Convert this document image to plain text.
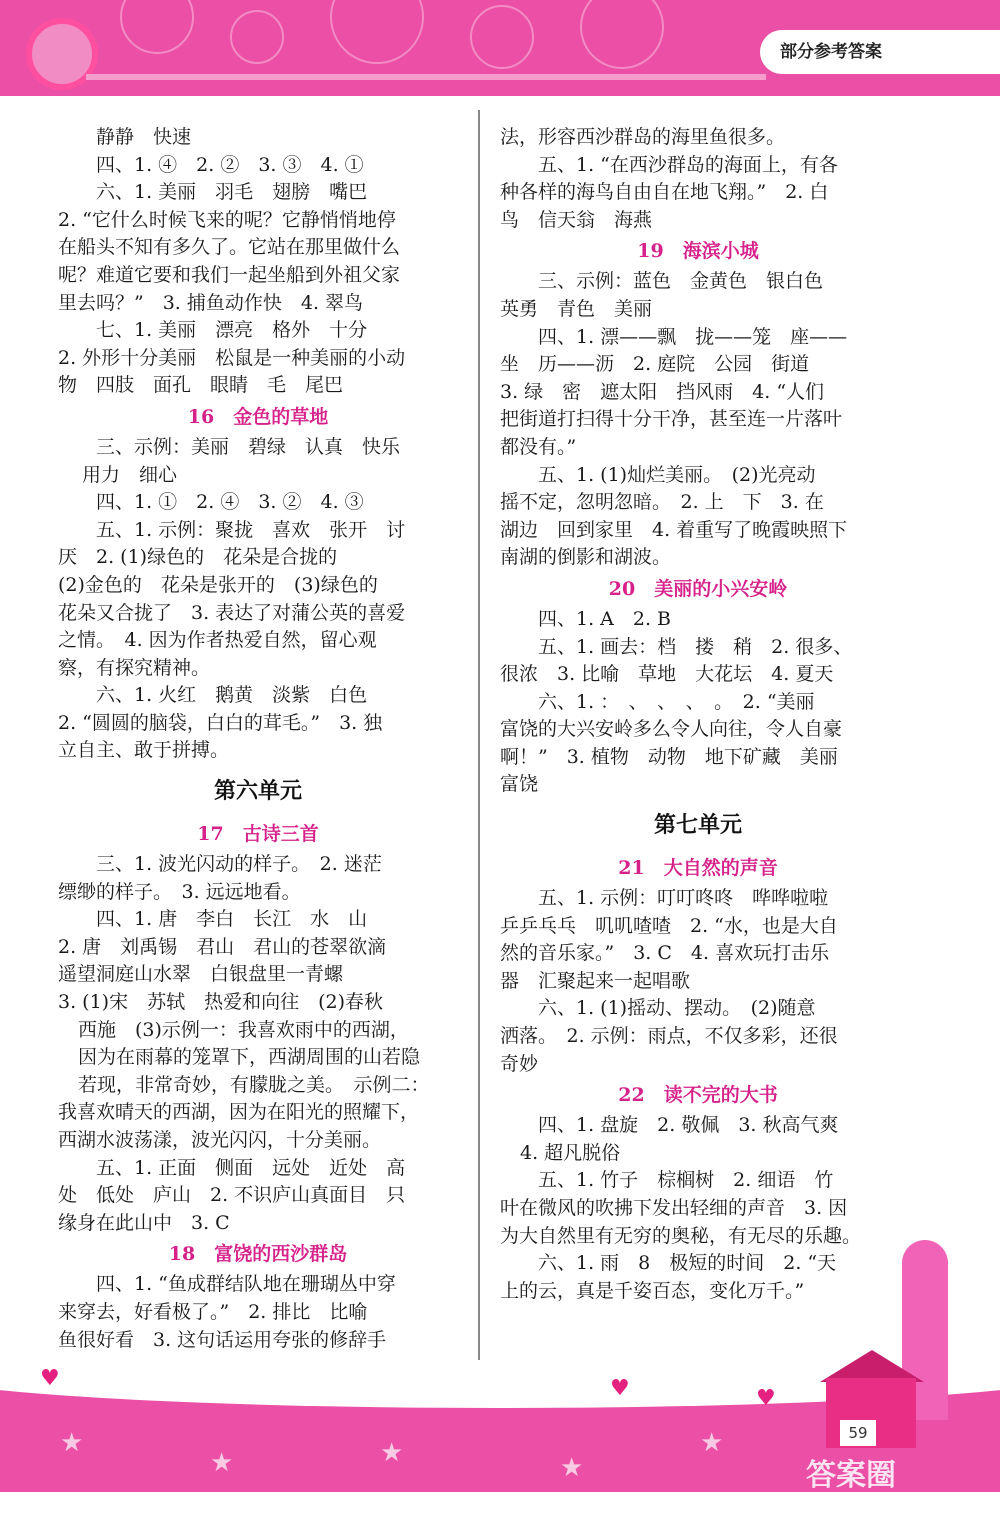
部分参考答案
静静　快速
四、1. ④　2. ②　3. ③　4. ①
六、1. 美丽　羽毛　翅膀　嘴巴
2. “它什么时候飞来的呢？它静悄悄地停
在船头不知有多久了。它站在那里做什么
呢？难道它要和我们一起坐船到外祖父家
里去吗？”　3. 捕鱼动作快　4. 翠鸟
七、1. 美丽　漂亮　格外　十分
2. 外形十分美丽　松鼠是一种美丽的小动
物　四肢　面孔　眼睛　毛　尾巴
16　金色的草地
三、示例：美丽　碧绿　认真　快乐
用力　细心
四、1. ①　2. ④　3. ②　4. ③
五、1. 示例：聚拢　喜欢　张开　讨
厌　2. (1)绿色的　花朵是合拢的
(2)金色的　花朵是张开的　(3)绿色的
花朵又合拢了　3. 表达了对蒲公英的喜爱
之情。　4. 因为作者热爱自然，留心观
察，有探究精神。
六、1. 火红　鹅黄　淡紫　白色
2. “圆圆的脑袋，白白的茸毛。”　3. 独
立自主、敢于拼搏。
第六单元
17　古诗三首
三、1. 波光闪动的样子。　2. 迷茫
缥缈的样子。　3. 远远地看。
四、1. 唐　李白　长江　水　山
2. 唐　刘禹锡　君山　君山的苍翠欲滴
遥望洞庭山水翠　白银盘里一青螺
3. (1)宋　苏轼　热爱和向往　(2)春秋
西施　(3)示例一：我喜欢雨中的西湖，
因为在雨幕的笼罩下，西湖周围的山若隐
若现，非常奇妙，有朦胧之美。　示例二：
我喜欢晴天的西湖，因为在阳光的照耀下，
西湖水波荡漾，波光闪闪，十分美丽。
五、1. 正面　侧面　远处　近处　高
处　低处　庐山　2. 不识庐山真面目　只
缘身在此山中　3. C
18　富饶的西沙群岛
四、1. “鱼成群结队地在珊瑚丛中穿
来穿去，好看极了。”　2. 排比　比喻
鱼很好看　3. 这句话运用夸张的修辞手
法，形容西沙群岛的海里鱼很多。
五、1. “在西沙群岛的海面上，有各
种各样的海鸟自由自在地飞翔。”　2. 白
鸟　信天翁　海燕
19　海滨小城
三、示例：蓝色　金黄色　银白色
英勇　青色　美丽
四、1. 漂——飘　拢——笼　座——
坐　历——沥　2. 庭院　公园　街道
3. 绿　密　遮太阳　挡风雨　4. “人们
把街道打扫得十分干净，甚至连一片落叶
都没有。”
五、1. (1)灿烂美丽。　(2)光亮动
摇不定，忽明忽暗。　2. 上　下　3. 在
湖边　回到家里　4. 着重写了晚霞映照下
南湖的倒影和湖波。
20　美丽的小兴安岭
四、1. A　2. B
五、1. 画去：档　搂　稍　2. 很多、
很浓　3. 比喻　草地　大花坛　4. 夏天
六、1. ：　、　、　、　。　2. “美丽
富饶的大兴安岭多么令人向往，令人自豪
啊！”　3. 植物　动物　地下矿藏　美丽
富饶
第七单元
21　大自然的声音
五、1. 示例：叮叮咚咚　哗哗啦啦
乒乒乓乓　叽叽喳喳　2. “水，也是大自
然的音乐家。”　3. C　4. 喜欢玩打击乐
器　汇聚起来一起唱歌
六、1. (1)摇动、摆动。　(2)随意
洒落。　2. 示例：雨点，不仅多彩，还很
奇妙
22　读不完的大书
四、1. 盘旋　2. 敬佩　3. 秋高气爽
4. 超凡脱俗
五、1. 竹子　棕榈树　2. 细语　竹
叶在微风的吹拂下发出轻细的声音　3. 因
为大自然里有无穷的奥秘，有无尽的乐趣。
六、1. 雨　8　极短的时间　2. “天
上的云，真是千姿百态，变化万千。”
★
★	★	★
★
♥	♥	♥
59
答案圈 MXQE.COM
